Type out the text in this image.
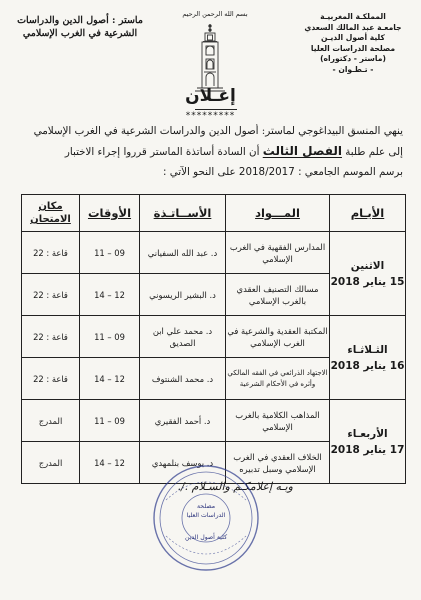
المملكـة المغربيـة
جامعـة عبد المالك السعدي
كلية أصول الديـن
مصلحة الدراسات العليا
(ماستر - دكتوراه)
- تـطـوان -
ماستر : أصول الدين والدراسات
الشرعية في الغرب الإسلامي
بسم الله الرحمن الرحيم
إعـلان
*********
ينهي المنسق البيداغوجي لماستر: أصول الدين والدراسات الشرعية في الغرب الإسلامي
إلى علم طلبة الفصل الثالث أن السادة أساتذة الماستر قرروا إجراء الاختبار
برسم الموسم الجامعي : 2018/2017 على النحو الآتي :
الأيـام	المـــواد	الأســاتـذة	الأوقات	مكان الامتحان

الاثنين
15 يناير 2018	المدارس الفقهية في الغرب الإسلامي	د. عبد الله السفياني	09 – 11	قاعة : 22
	مسالك التصنيف العقدي بالغرب الإسلامي	د. البشير الريسوني	12 – 14	قاعة : 22

الثـلاثـاء
16 يناير 2018	المكتبة العقدية والشرعية في الغرب الإسلامي	د. محمد علي ابن الصديق	09 – 11	قاعة : 22
	الاجتهاد الذرائعي في الفقه المالكي وأثره في الأحكام الشرعية	د. محمد الشنتوف	12 – 14	قاعة : 22

الأربعـاء
17 يناير 2018	المذاهب الكلامية بالغرب الإسلامي	د. أحمد الفقيري	09 – 11	المدرج
	الخلاف العقدي في الغرب الإسلامي وسبل تدبيره	د. يوسف بنلمهدي	12 – 14	المدرج
وبـه إعلامكـم والسـلام ./.
مصلحة
الدراسات العليا
كلية أصول الدين
